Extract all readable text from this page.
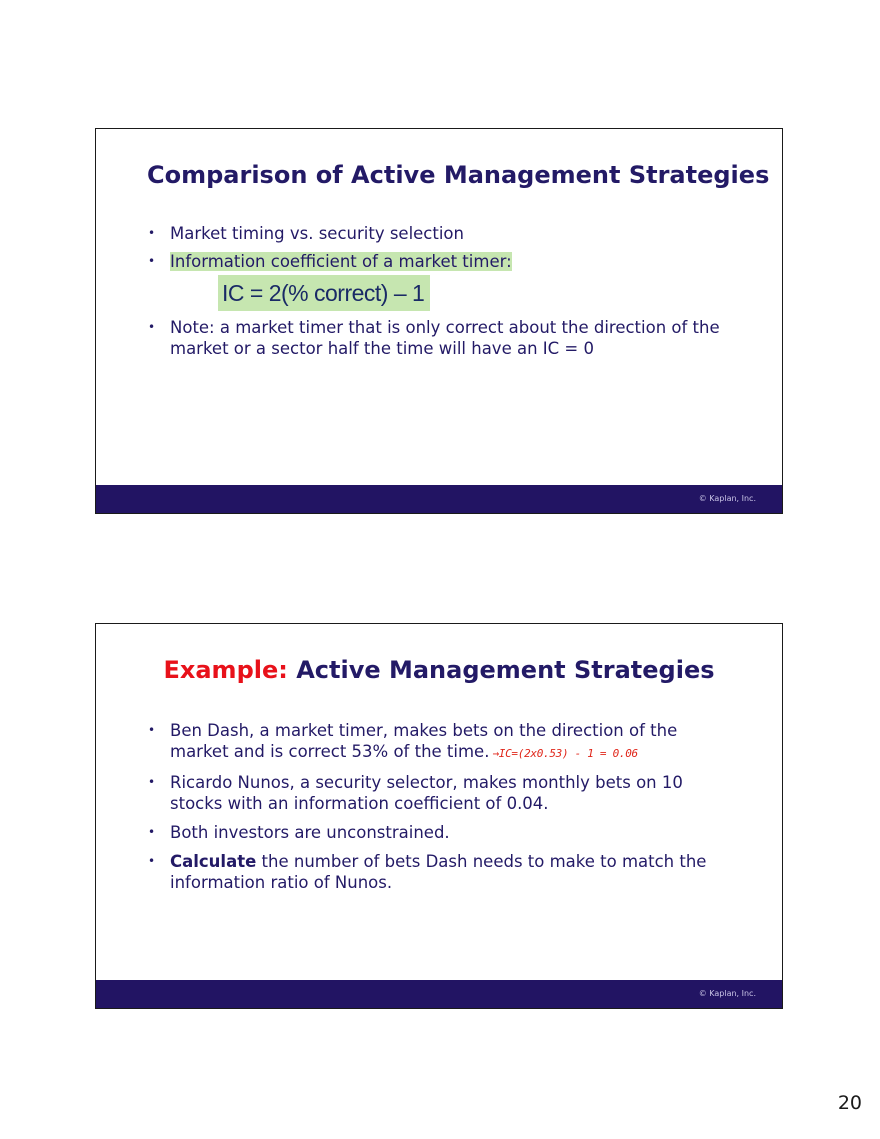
Comparison of Active Management Strategies
• Market timing vs. security selection
• Information coefficient of a market timer:
IC = 2(% correct) – 1
• Note: a market timer that is only correct about the direction of the market or a sector half the time will have an IC = 0
© Kaplan, Inc.
Example: Active Management Strategies
• Ben Dash, a market timer, makes bets on the direction of the market and is correct 53% of the time. →IC=(2x0.53) - 1 = 0.06
• Ricardo Nunos, a security selector, makes monthly bets on 10 stocks with an information coefficient of 0.04.
• Both investors are unconstrained.
• Calculate the number of bets Dash needs to make to match the information ratio of Nunos.
© Kaplan, Inc.
20
